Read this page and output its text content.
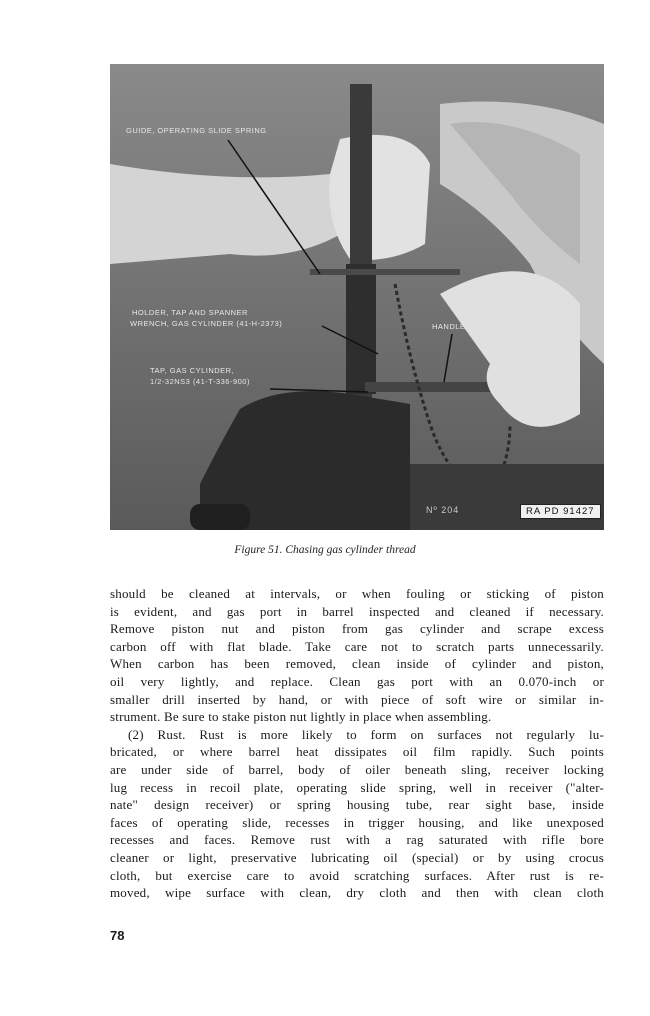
GUIDE, OPERATING SLIDE SPRING
HOLDER, TAP AND SPANNER
WRENCH, GAS CYLINDER (41-H-2373)	HANDLE
TAP, GAS CYLINDER,
1/2-32NS3 (41-T-336-900)
Nº 204	RA PD 91427
Figure 51. Chasing gas cylinder thread
should be cleaned at intervals, or when fouling or sticking of piston
is evident, and gas port in barrel inspected and cleaned if necessary.
Remove piston nut and piston from gas cylinder and scrape excess
carbon off with flat blade. Take care not to scratch parts unnecessarily.
When carbon has been removed, clean inside of cylinder and piston,
oil very lightly, and replace. Clean gas port with an 0.070-inch or
smaller drill inserted by hand, or with piece of soft wire or similar in-
strument. Be sure to stake piston nut lightly in place when assembling.
(2) Rust. Rust is more likely to form on surfaces not regularly lu-
bricated, or where barrel heat dissipates oil film rapidly. Such points
are under side of barrel, body of oiler beneath sling, receiver locking
lug recess in recoil plate, operating slide spring, well in receiver ("alter-
nate" design receiver) or spring housing tube, rear sight base, inside
faces of operating slide, recesses in trigger housing, and like unexposed
recesses and faces. Remove rust with a rag saturated with rifle bore
cleaner or light, preservative lubricating oil (special) or by using crocus
cloth, but exercise care to avoid scratching surfaces. After rust is re-
moved, wipe surface with clean, dry cloth and then with clean cloth
78
